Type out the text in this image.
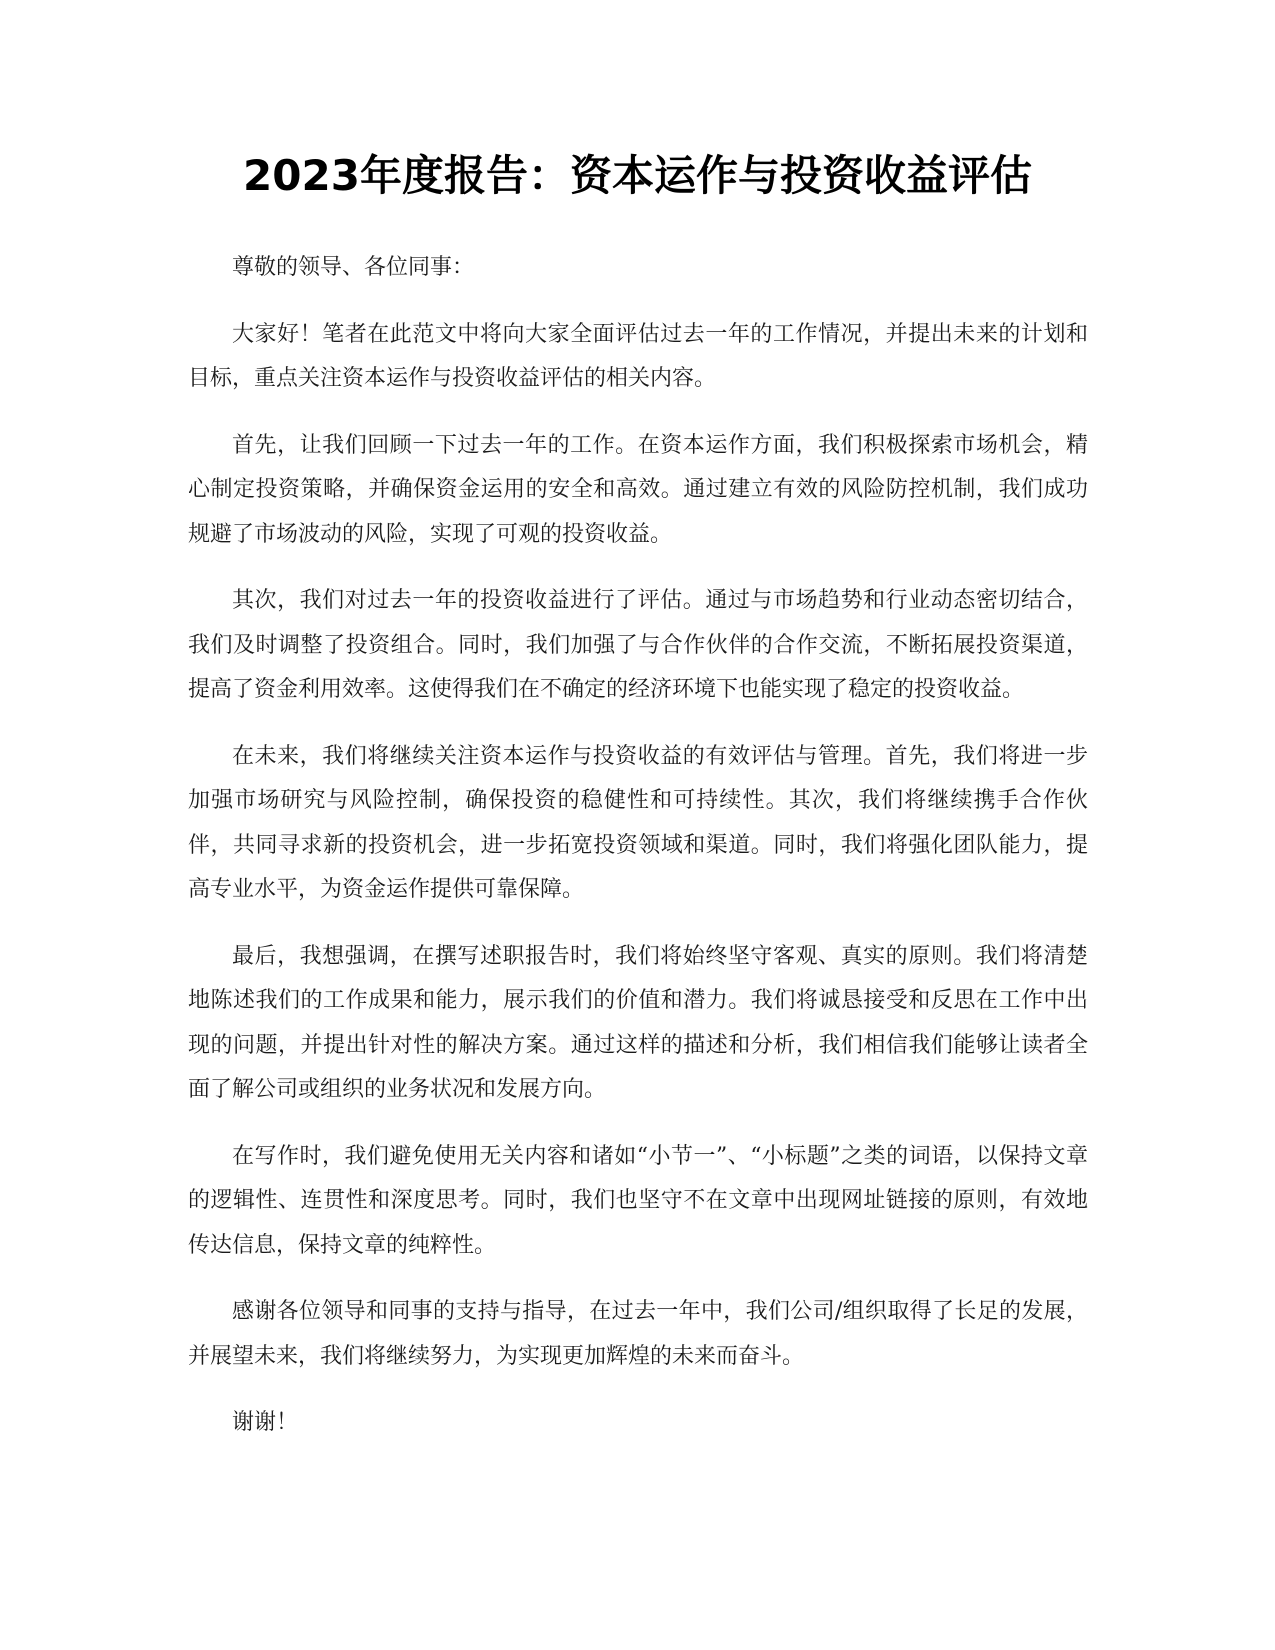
2023年度报告：资本运作与投资收益评估

尊敬的领导、各位同事：

大家好！笔者在此范文中将向大家全面评估过去一年的工作情况，并提出未来的计划和目标，重点关注资本运作与投资收益评估的相关内容。

首先，让我们回顾一下过去一年的工作。在资本运作方面，我们积极探索市场机会，精心制定投资策略，并确保资金运用的安全和高效。通过建立有效的风险防控机制，我们成功规避了市场波动的风险，实现了可观的投资收益。

其次，我们对过去一年的投资收益进行了评估。通过与市场趋势和行业动态密切结合，我们及时调整了投资组合。同时，我们加强了与合作伙伴的合作交流，不断拓展投资渠道，提高了资金利用效率。这使得我们在不确定的经济环境下也能实现了稳定的投资收益。

在未来，我们将继续关注资本运作与投资收益的有效评估与管理。首先，我们将进一步加强市场研究与风险控制，确保投资的稳健性和可持续性。其次，我们将继续携手合作伙伴，共同寻求新的投资机会，进一步拓宽投资领域和渠道。同时，我们将强化团队能力，提高专业水平，为资金运作提供可靠保障。

最后，我想强调，在撰写述职报告时，我们将始终坚守客观、真实的原则。我们将清楚地陈述我们的工作成果和能力，展示我们的价值和潜力。我们将诚恳接受和反思在工作中出现的问题，并提出针对性的解决方案。通过这样的描述和分析，我们相信我们能够让读者全面了解公司或组织的业务状况和发展方向。

在写作时，我们避免使用无关内容和诸如“小节一”、“小标题”之类的词语，以保持文章的逻辑性、连贯性和深度思考。同时，我们也坚守不在文章中出现网址链接的原则，有效地传达信息，保持文章的纯粹性。

感谢各位领导和同事的支持与指导，在过去一年中，我们公司/组织取得了长足的发展，并展望未来，我们将继续努力，为实现更加辉煌的未来而奋斗。

谢谢！
